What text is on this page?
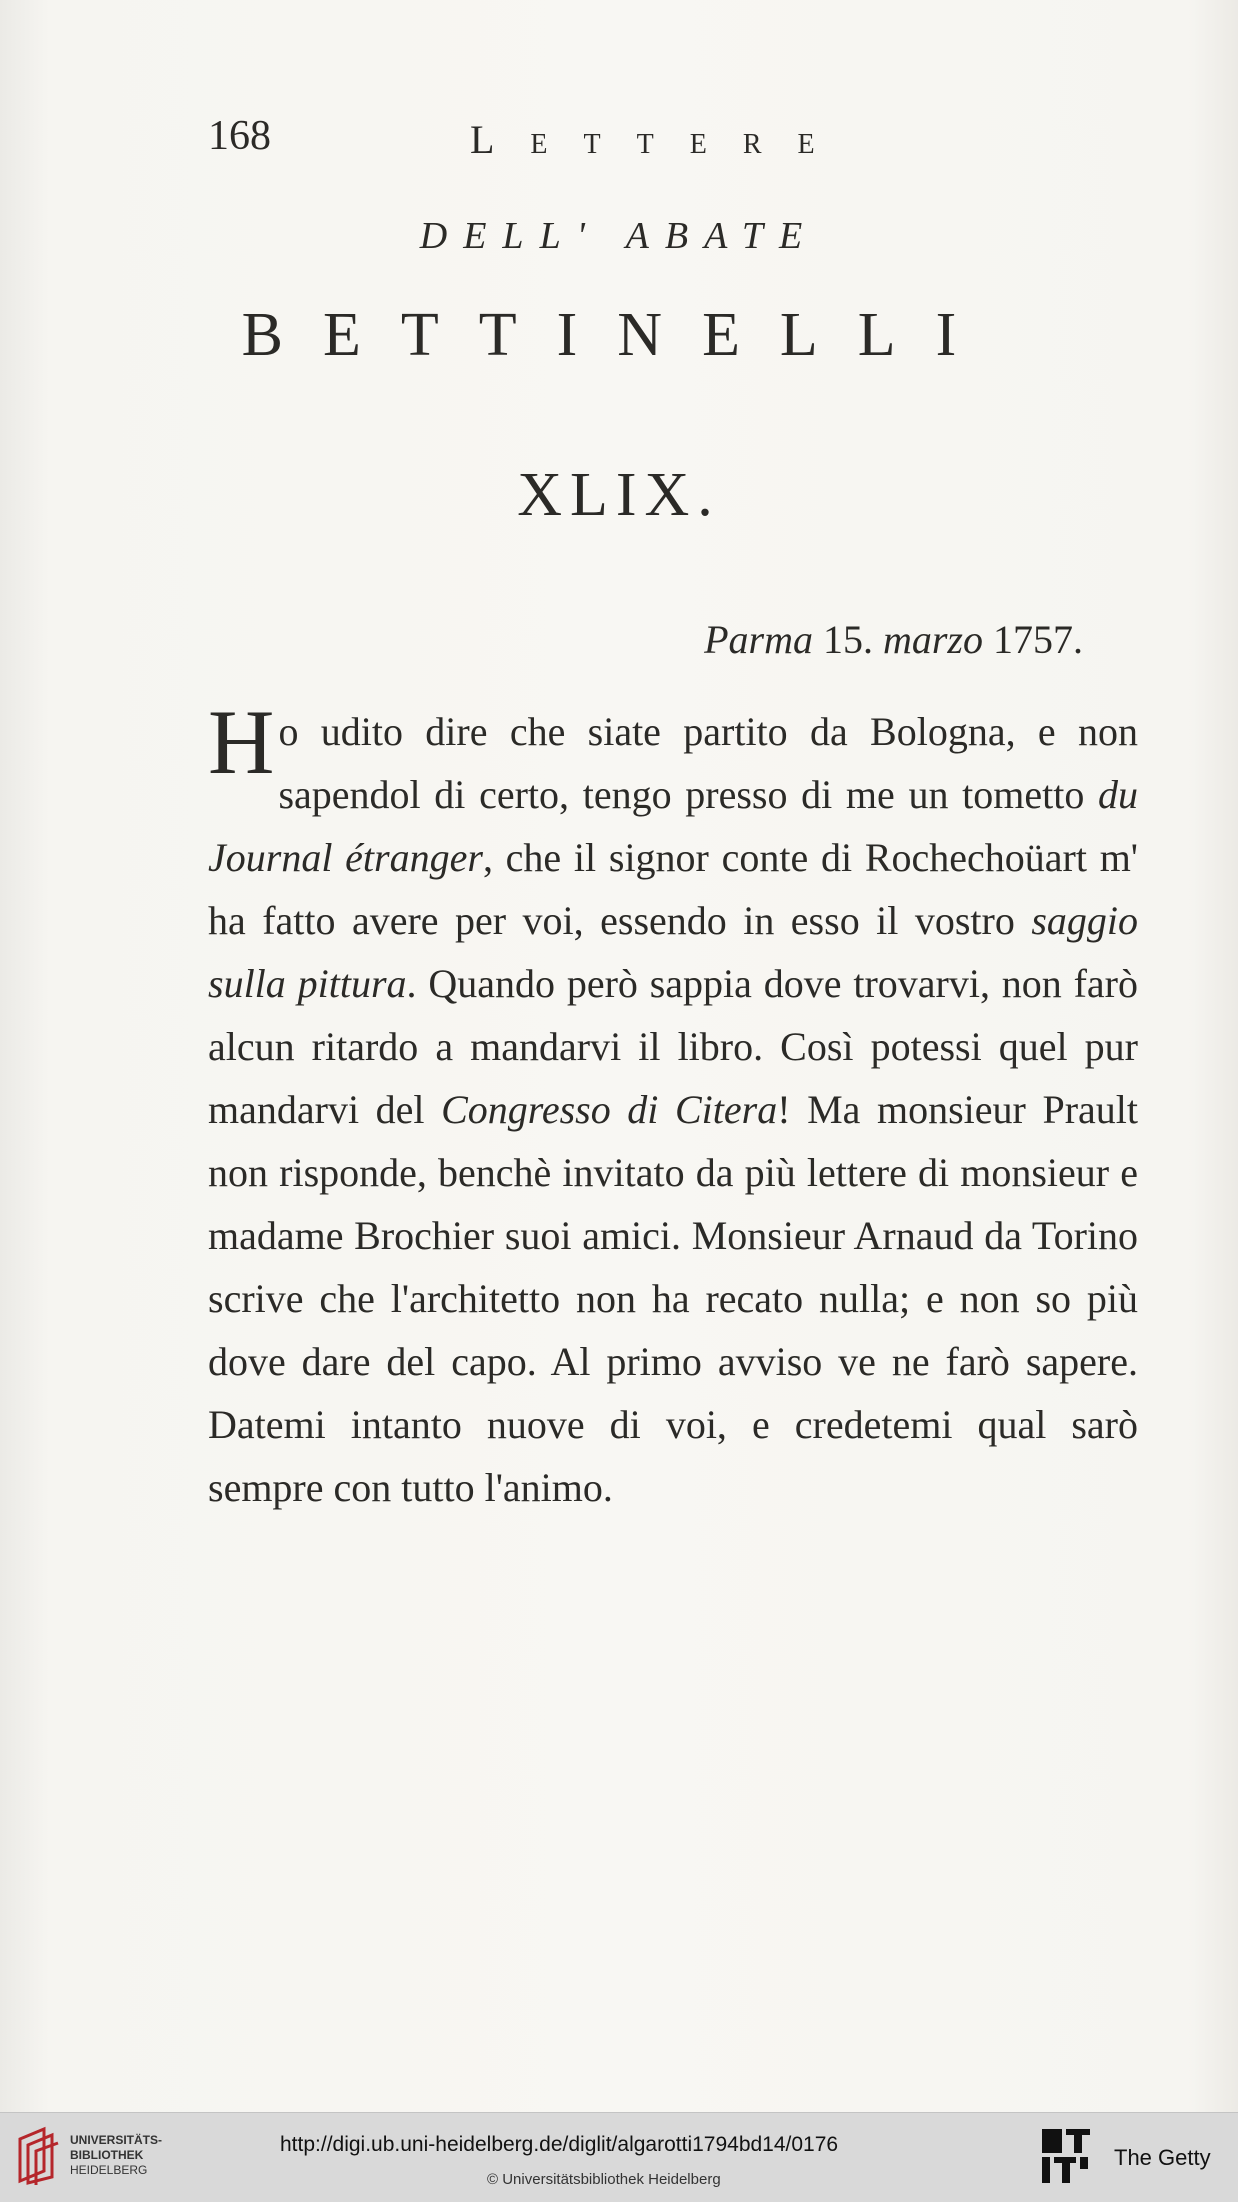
168	Lettere
DELL' ABATE
BETTINELLI
XLIX.
Parma 15. marzo 1757.

Ho udito dire che siate partito da Bologna, e non sapendol di certo, tengo presso di me un tometto du Journal étranger, che il signor conte di Rochechoüart m' ha fatto avere per voi, essendo in esso il vostro saggio sulla pittura. Quando però sappia dove trovarvi, non farò alcun ritardo a mandarvi il libro. Così potessi quel pur mandarvi del Congresso di Citera! Ma monsieur Prault non risponde, benchè invitato da più lettere di monsieur e madame Brochier suoi amici. Monsieur Arnaud da Torino scrive che l'architetto non ha recato nulla; e non so più dove dare del capo. Al primo avviso ve ne farò sapere. Datemi intanto nuove di voi, e credetemi qual sarò sempre con tutto l'animo.

UNIVERSITÄTS-
BIBLIOTHEK
HEIDELBERG
http://digi.ub.uni-heidelberg.de/diglit/algarotti1794bd14/0176
© Universitätsbibliothek Heidelberg
The Getty
